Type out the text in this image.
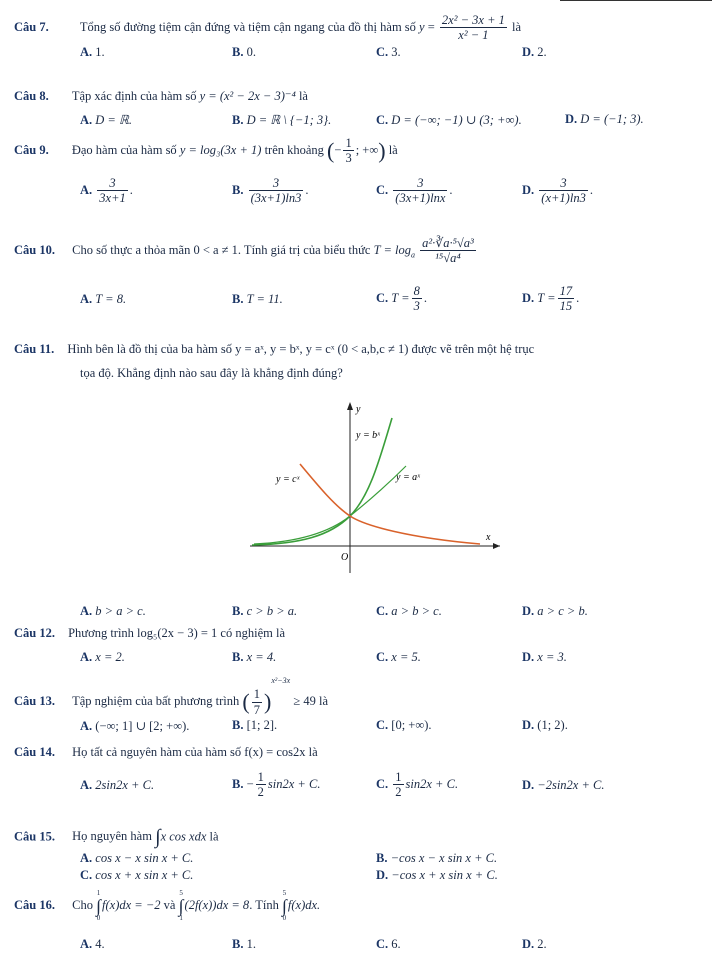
Câu 7. Tổng số đường tiệm cận đứng và tiệm cận ngang của đồ thị hàm số $y = \frac{\text{2x² − 3x + 1}}{\text{x² − 1}}$ là
A. 1.	B. 0.	C. 3.	D. 2.
Câu 8. Tập xác định của hàm số y = (x² − 2x − 3)⁻⁴ là
A. D = ℝ.	B. D = ℝ \ {−1; 3}.	C. D = (−∞; −1) ∪ (3; +∞).	D. D = (−1; 3).
Câu 9. Đạo hàm của hàm số y = log₃(3x + 1) trên khoảng (− $\frac{1}{3}$ ; +∞) là
A. $\frac{3}{3x+1}$ .	B. $\frac{3}{(3x+1)\ln 3}$ .	C. $\frac{3}{(3x+1)\ln x}$ .	D. $\frac{3}{(x+1)\ln 3}$ .
Câu 10. Cho số thực a thỏa mãn 0 < a ≠ 1. Tính giá trị của biểu thức $T = \log_a \frac{\text{a²·∛a·⁵√a³}}{\text{¹⁵√a⁴}}$
A. T = 8.	B. T = 11.	C. $T = \frac{8}{3}$ .	D. $T = \frac{17}{15}$ .
Câu 11. Hình bên là đồ thị của ba hàm số y = aˣ, y = bˣ, y = cˣ (0 < a,b,c ≠ 1) được vẽ trên một hệ trục
tọa độ. Khẳng định nào sau đây là khẳng định đúng?
y
x
O
y = bˣ
y = cˣ	y = aˣ
A. b > a > c.	B. c > b > a.	C. a > b > c.	D. a > c > b.
Câu 12. Phương trình log₅(2x − 3) = 1 có nghiệm là
A. x = 2.	B. x = 4.	C. x = 5.	D. x = 3.
Câu 13. Tập nghiệm của bất phương trình ( $\frac{1}{7} )^{x^2-3x} \ge 49$ là
A. (−∞; 1] ∪ [2; +∞).	B. [1; 2].	C. [0; +∞).	D. (1; 2).
Câu 14. Họ tất cả nguyên hàm của hàm số f(x) = cos2x là
A. 2sin2x + C.	B. − $\frac{1}{2} \sin 2x + C$.	C. $\frac{1}{2} \sin 2x + C$.	D. −2sin2x + C.
Câu 15. Họ nguyên hàm ∫x cos xdx là
A. cos x − x sin x + C.	B. −cos x − x sin x + C.
C. cos x + x sin x + C.	D. −cos x + x sin x + C.
Câu 16. Cho
1
∫
0
f(x)dx = −2 và
5
∫
1
(2f(x))dx = 8. Tính
5
∫
0
f(x)dx.
A. 4.	B. 1.	C. 6.	D. 2.
